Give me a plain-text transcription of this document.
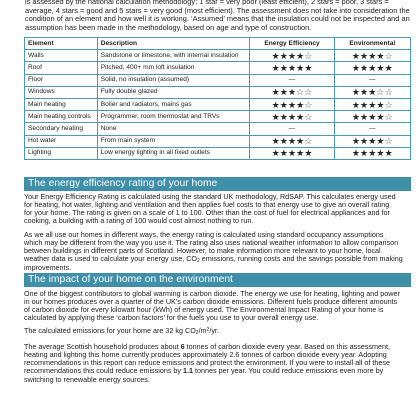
is assessed by the national calculation methodology; 1 star = very poor (least efficient), 2 stars = poor, 3 stars =

average, 4 stars = good and 5 stars = very good (most efficient). The assessment does not take into consideration the

condition of an element and how well it is working. ‘Assumed’ means that the insulation could not be inspected and an

assumption has been made in the methodology, based on age and type of construction.

Element	Description	Energy Efficiency	Environmental
Walls	Sandstone or limestone, with internal insulation	★★★★☆	★★★★☆
Roof	Pitched, 400+ mm loft insulation	★★★★★	★★★★★
Floor	Solid, no insulation (assumed)	—	—
Windows	Fully double glazed	★★★☆☆	★★★☆☆
Main heating	Boiler and radiators, mains gas	★★★★☆	★★★★☆
Main heating controls	Programmer, room thermostat and TRVs	★★★★☆	★★★★☆
Secondary heating	None	—	—
Hot water	From main system	★★★★☆	★★★★☆
Lighting	Low energy lighting in all fixed outlets	★★★★★	★★★★★
The energy efficiency rating of your home
Your Energy Efficiency Rating is calculated using the standard UK methodology, RdSAP. This calculates energy used
for heating, hot water, lighting and ventilation and then applies fuel costs to that energy use to give an overall rating
for your home. The rating is given on a scale of 1 to 100. Other than the cost of fuel for electrical appliances and for
cooking, a building with a rating of 100 would cost almost nothing to run.
As we all use our homes in different ways, the energy rating is calculated using standard occupancy assumptions
which may be different from the way you use it. The rating also uses national weather information to allow comparison
between buildings in different parts of Scotland. However, to make information more relevant to your home, local
weather data is used to calculate your energy use, $CO_2$ emissions, running costs and the savings possible from making
improvements.
The impact of your home on the environment
One of the biggest contributors to global warming is carbon dioxide. The energy we use for heating, lighting and power
in our homes produces over a quarter of the UK’s carbon dioxide emissions. Different fuels produce different amounts
of carbon dioxide for every kilowatt hour (kWh) of energy used. The Environmental Impact Rating of your home is
calculated by applying these ‘carbon factors’ for the fuels you use to your overall energy use.
The calculated emissions for your home are 32 kg $CO_2/m^2/yr$.
The average Scottish household produces about 6 tonnes of carbon dioxide every year. Based on this assessment,
heating and lighting this home currently produces approximately 2.6 tonnes of carbon dioxide every year. Adopting
recommendations in this report can reduce emissions and protect the environment. If you were to install all of these
recommendations this could reduce emissions by 1.1 tonnes per year. You could reduce emissions even more by
switching to renewable energy sources.
